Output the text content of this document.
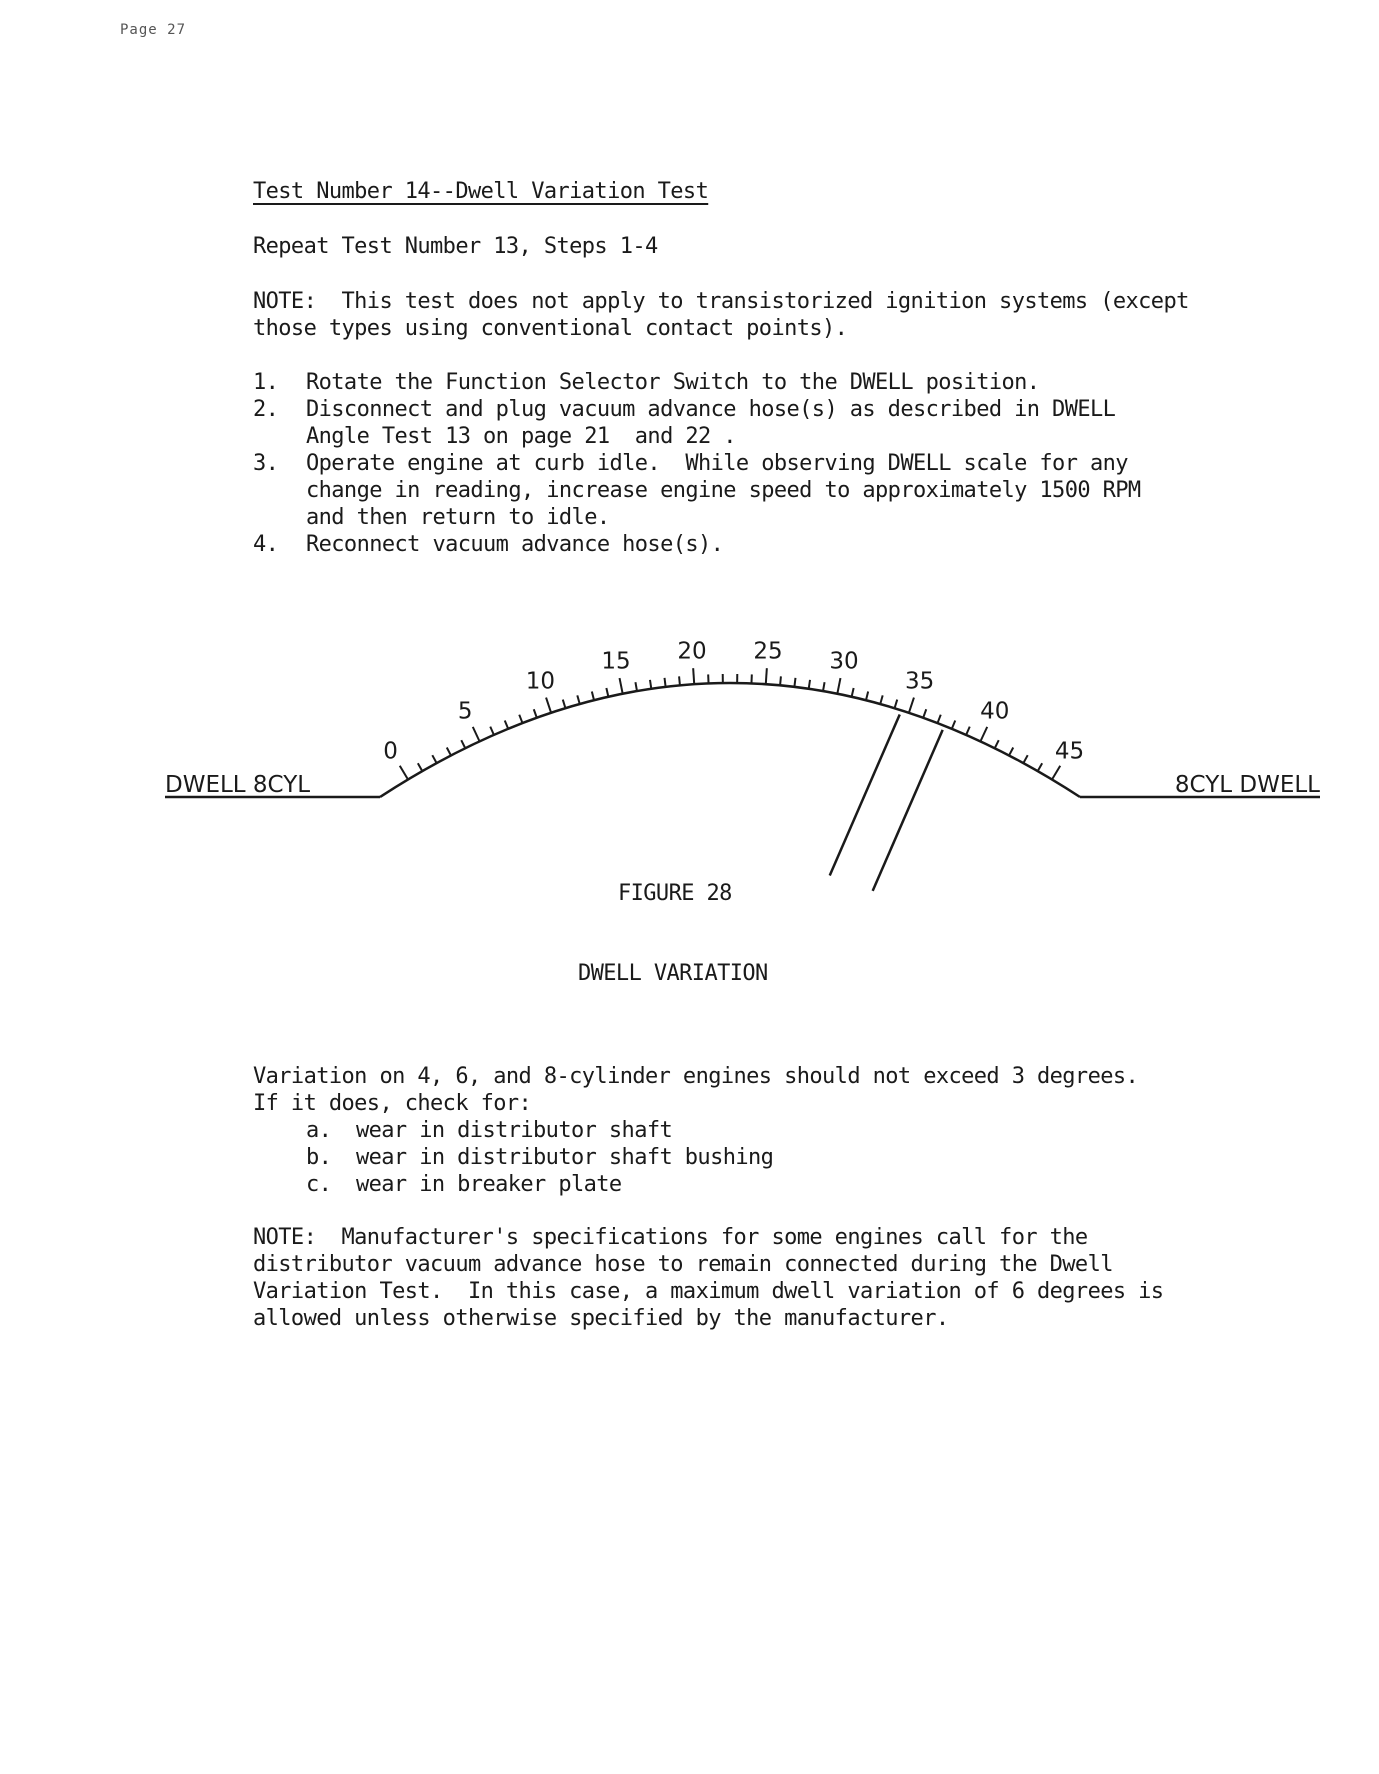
Page 27
Test Number 14--Dwell Variation Test
Repeat Test Number 13, Steps 1-4
NOTE:  This test does not apply to transistorized ignition systems (except
those types using conventional contact points).
1. Rotate the Function Selector Switch to the DWELL position.
2. Disconnect and plug vacuum advance hose(s) as described in DWELL
Angle Test 13 on page 21  and 22 .
3. Operate engine at curb idle.  While observing DWELL scale for any
change in reading, increase engine speed to approximately 1500 RPM
and then return to idle.
4. Reconnect vacuum advance hose(s).
0
5
10
15 20 25 30
35
40
45
DWELL 8CYL	8CYL DWELL
FIGURE 28
DWELL VARIATION
Variation on 4, 6, and 8-cylinder engines should not exceed 3 degrees.
If it does, check for:
a. wear in distributor shaft
b. wear in distributor shaft bushing
c. wear in breaker plate
NOTE:  Manufacturer's specifications for some engines call for the
distributor vacuum advance hose to remain connected during the Dwell
Variation Test.  In this case, a maximum dwell variation of 6 degrees is
allowed unless otherwise specified by the manufacturer.
